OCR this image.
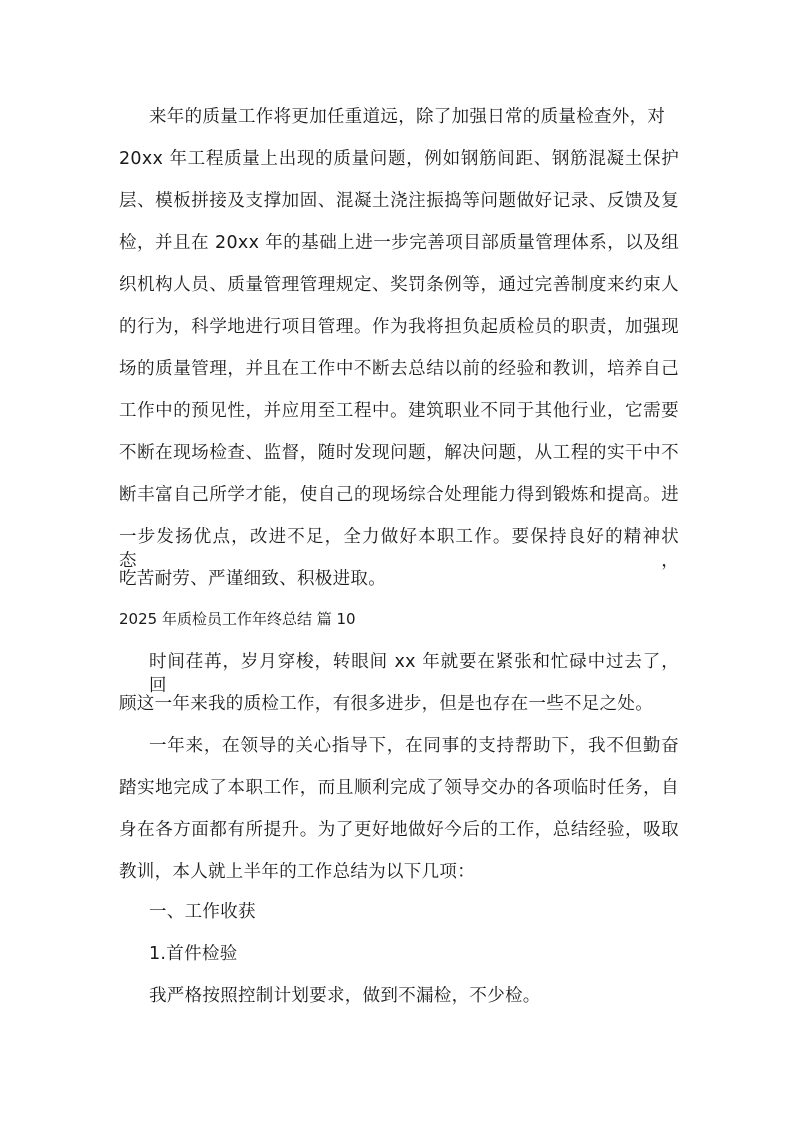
来年的质量工作将更加任重道远，除了加强日常的质量检查外，对
20xx 年工程质量上出现的质量问题，例如钢筋间距、钢筋混凝土保护
层、模板拼接及支撑加固、混凝土浇注振捣等问题做好记录、反馈及复
检，并且在 20xx 年的基础上进一步完善项目部质量管理体系，以及组
织机构人员、质量管理管理规定、奖罚条例等，通过完善制度来约束人
的行为，科学地进行项目管理。作为我将担负起质检员的职责，加强现
场的质量管理，并且在工作中不断去总结以前的经验和教训，培养自己
工作中的预见性，并应用至工程中。建筑职业不同于其他行业，它需要
不断在现场检查、监督，随时发现问题，解决问题，从工程的实干中不
断丰富自己所学才能，使自己的现场综合处理能力得到锻炼和提高。进
一步发扬优点，改进不足，全力做好本职工作。要保持良好的精神状态，
吃苦耐劳、严谨细致、积极进取。
2025 年质检员工作年终总结 篇 10
时间荏苒，岁月穿梭，转眼间 xx 年就要在紧张和忙碌中过去了，回
顾这一年来我的质检工作，有很多进步，但是也存在一些不足之处。
一年来，在领导的关心指导下，在同事的支持帮助下，我不但勤奋
踏实地完成了本职工作，而且顺利完成了领导交办的各项临时任务，自
身在各方面都有所提升。为了更好地做好今后的工作，总结经验，吸取
教训，本人就上半年的工作总结为以下几项：
一、工作收获
1.首件检验
我严格按照控制计划要求，做到不漏检，不少检。
